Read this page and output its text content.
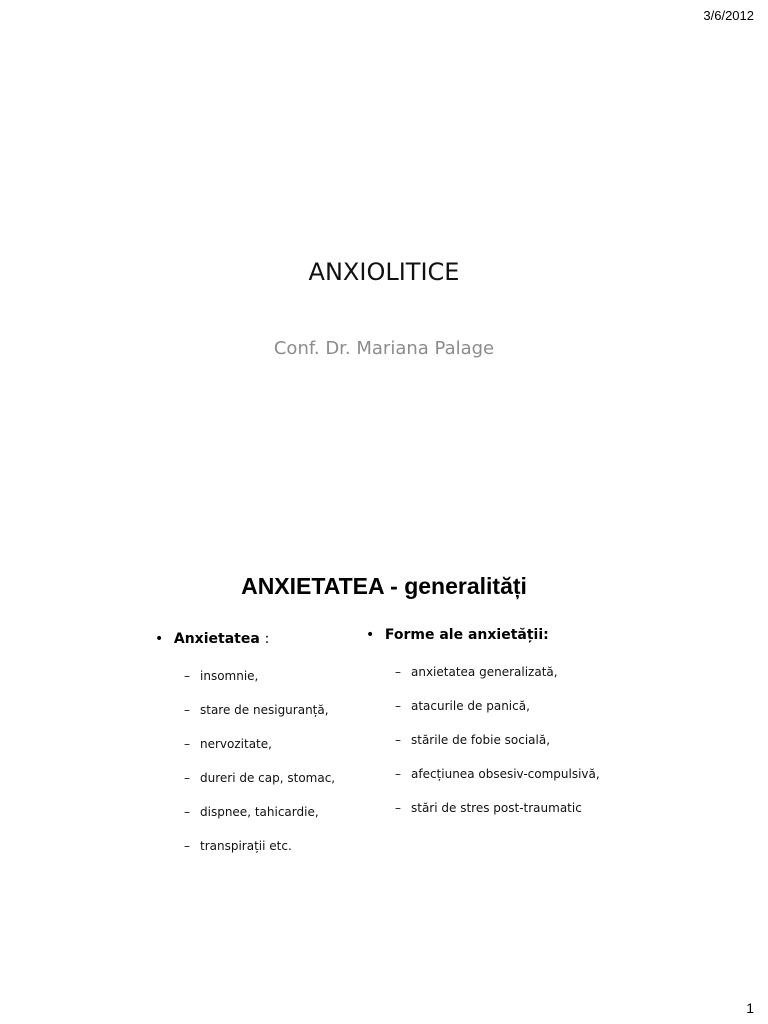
3/6/2012
ANXIOLITICE
Conf. Dr. Mariana Palage
ANXIETATEA - generalități
• Anxietatea :
– insomnie,
– stare de nesiguranță,
– nervozitate,
– dureri de cap, stomac,
– dispnee, tahicardie,
– transpirații etc.
• Forme ale anxietății:
– anxietatea generalizată,
– atacurile de panică,
– stările de fobie socială,
– afecțiunea obsesiv-compulsivă,
– stări de stres post-traumatic
1
